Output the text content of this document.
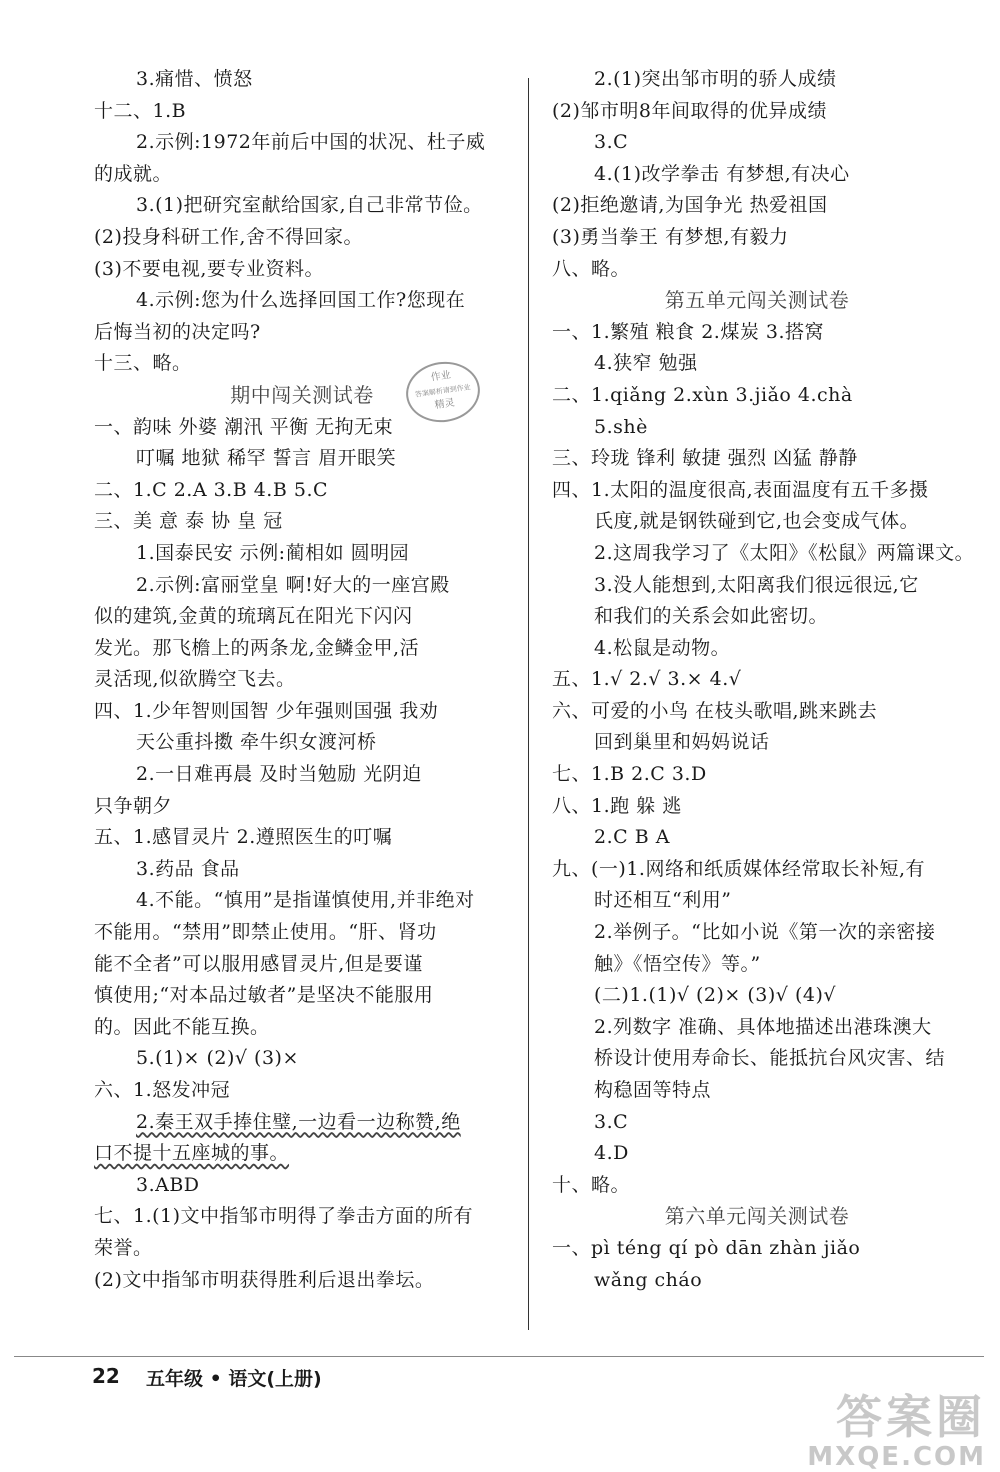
3.痛惜、愤怒
十二、1.B
2.示例:1972年前后中国的状况、杜子威
的成就。
3.(1)把研究室献给国家,自己非常节俭。
(2)投身科研工作,舍不得回家。
(3)不要电视,要专业资料。
4.示例:您为什么选择回国工作?您现在
后悔当初的决定吗?
十三、略。
期中闯关测试卷
一、韵味 外婆 潮汛 平衡 无拘无束
叮嘱 地狱 稀罕 誓言 眉开眼笑
二、1.C 2.A 3.B 4.B 5.C
三、美 意 泰 协 皇 冠
1.国泰民安 示例:蔺相如 圆明园
2.示例:富丽堂皇 啊!好大的一座宫殿
似的建筑,金黄的琉璃瓦在阳光下闪闪
发光。那飞檐上的两条龙,金鳞金甲,活
灵活现,似欲腾空飞去。
四、1.少年智则国智 少年强则国强 我劝
天公重抖擞 牵牛织女渡河桥
2.一日难再晨 及时当勉励 光阴迫
只争朝夕
五、1.感冒灵片 2.遵照医生的叮嘱
3.药品 食品
4.不能。“慎用”是指谨慎使用,并非绝对
不能用。“禁用”即禁止使用。“肝、肾功
能不全者”可以服用感冒灵片,但是要谨
慎使用;“对本品过敏者”是坚决不能服用
的。因此不能互换。
5.(1)× (2)√ (3)×
六、1.怒发冲冠
2.秦王双手捧住璧,一边看一边称赞,绝
口不提十五座城的事。
3.ABD
七、1.(1)文中指邹市明得了拳击方面的所有
荣誉。
(2)文中指邹市明获得胜利后退出拳坛。
2.(1)突出邹市明的骄人成绩
(2)邹市明8年间取得的优异成绩
3.C
4.(1)改学拳击 有梦想,有决心
(2)拒绝邀请,为国争光 热爱祖国
(3)勇当拳王 有梦想,有毅力
八、略。
第五单元闯关测试卷
一、1.繁殖 粮食 2.煤炭 3.搭窝
4.狭窄 勉强
二、1.qiǎng 2.xùn 3.jiǎo 4.chà
5.shè
三、玲珑 锋利 敏捷 强烈 凶猛 静静
四、1.太阳的温度很高,表面温度有五千多摄
氏度,就是钢铁碰到它,也会变成气体。
2.这周我学习了《太阳》《松鼠》两篇课文。
3.没人能想到,太阳离我们很远很远,它
和我们的关系会如此密切。
4.松鼠是动物。
五、1.√ 2.√ 3.× 4.√
六、可爱的小鸟 在枝头歌唱,跳来跳去
回到巢里和妈妈说话
七、1.B 2.C 3.D
八、1.跑 躲 逃
2.C B A
九、(一)1.网络和纸质媒体经常取长补短,有
时还相互“利用”
2.举例子。“比如小说《第一次的亲密接
触》《悟空传》等。”
(二)1.(1)√ (2)× (3)√ (4)√
2.列数字 准确、具体地描述出港珠澳大
桥设计使用寿命长、能抵抗台风灾害、结
构稳固等特点
3.C
4.D
十、略。
第六单元闯关测试卷
一、pì téng qí pò dān zhàn jiǎo
wǎng cháo
作业
答案解析请到作业
精灵
22 五年级 • 语文(上册)
答案圈
MXQE.COM
